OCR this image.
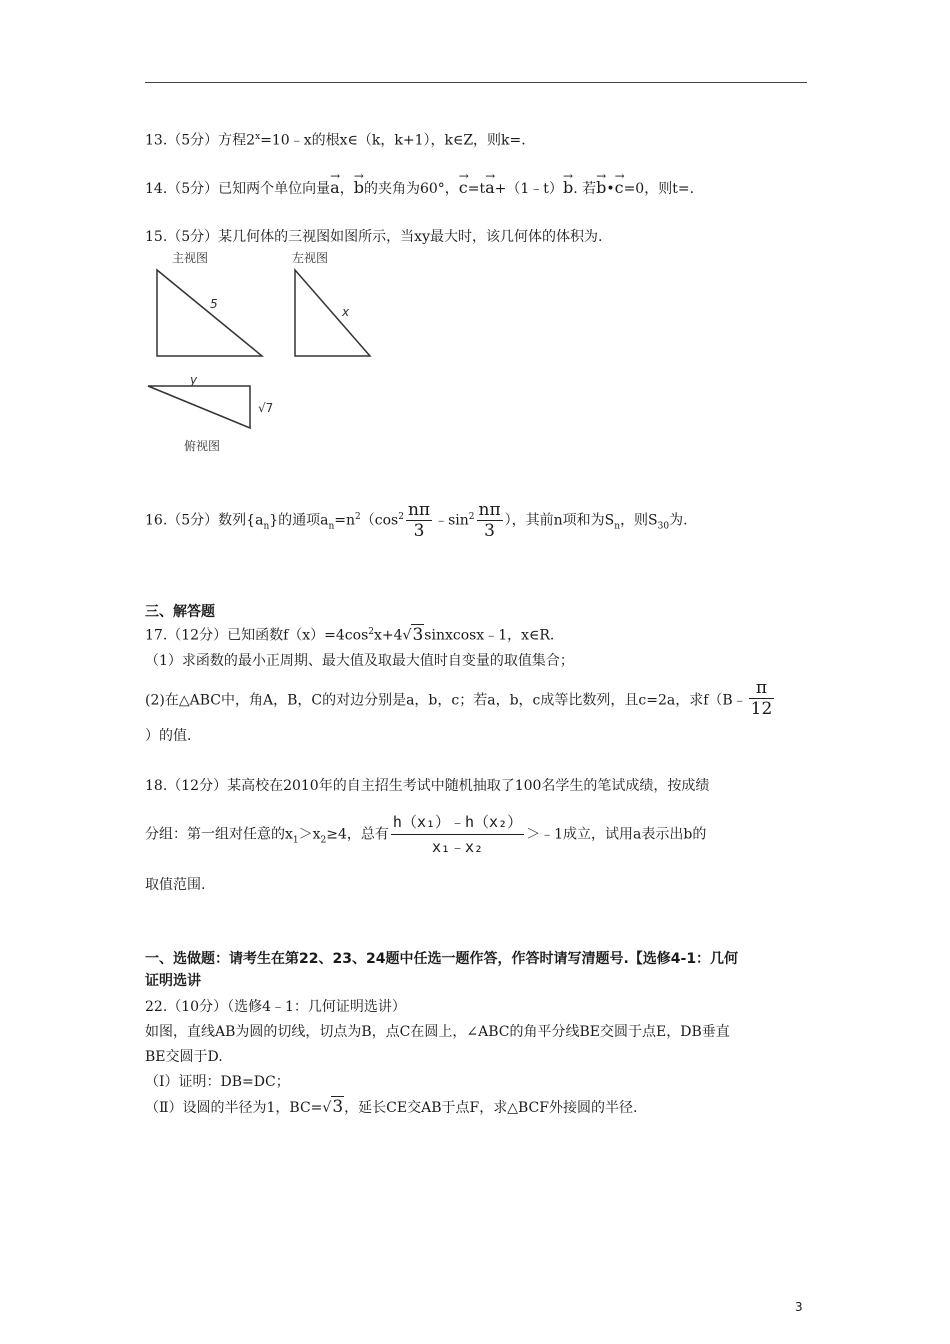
13.（5分）方程$2^x=10﹣x$的根x∈（k，k+1），k∈Z，则k=.
14.（5分）已知两个单位向量→ a，→ b的夹角为60°，→ c=t→ a+（1﹣t）→ b. 若→ b•→ c=0，则t=.
15.（5分）某几何体的三视图如图所示，当xy最大时，该几何体的体积为.
主视图	左视图
5
x
y
√7
俯视图
16.（5分）数列$\{a_n\}$的通项$a_n=n^2(\cos^2 \frac{n\pi}{3}$ $﹣\sin^2 \frac{n\pi}{3}$ ），其前n项和为$S_n$，则$S_{30}$为.
三、解答题
17.（12分）已知函数$f(x)=4\cos^2x+4√3sinxcosx﹣1$，x∈R.
（1）求函数的最小正周期、最大值及取最大值时自变量的取值集合；
(2)在△ABC中，角A，B，C的对边分别是a，b，c；若a，b，c成等比数列，且c=2a，求f（B﹣ $\frac{\pi}{12}$
）的值.
18.（12分）某高校在2010年的自主招生考试中随机抽取了100名学生的笔试成绩，按成绩
分组：第一组对任意的$x_1>x_2\ge 4$，总有 $\frac{\text{h（x₁）﹣h（x₂）}}{\text{x₁﹣x₂}}$ ＞﹣1成立，试用a表示出b的
取值范围.
一、选做题：请考生在第22、23、24题中任选一题作答，作答时请写清题号.【选修4-1：几何
证明选讲
22.（10分）（选修4﹣1：几何证明选讲）
如图，直线AB为圆的切线，切点为B，点C在圆上，∠ABC的角平分线BE交圆于点E，DB垂直
BE交圆于D.
（Ⅰ）证明：DB=DC；
（Ⅱ）设圆的半径为1，BC=√3，延长CE交AB于点F，求△BCF外接圆的半径.
3
